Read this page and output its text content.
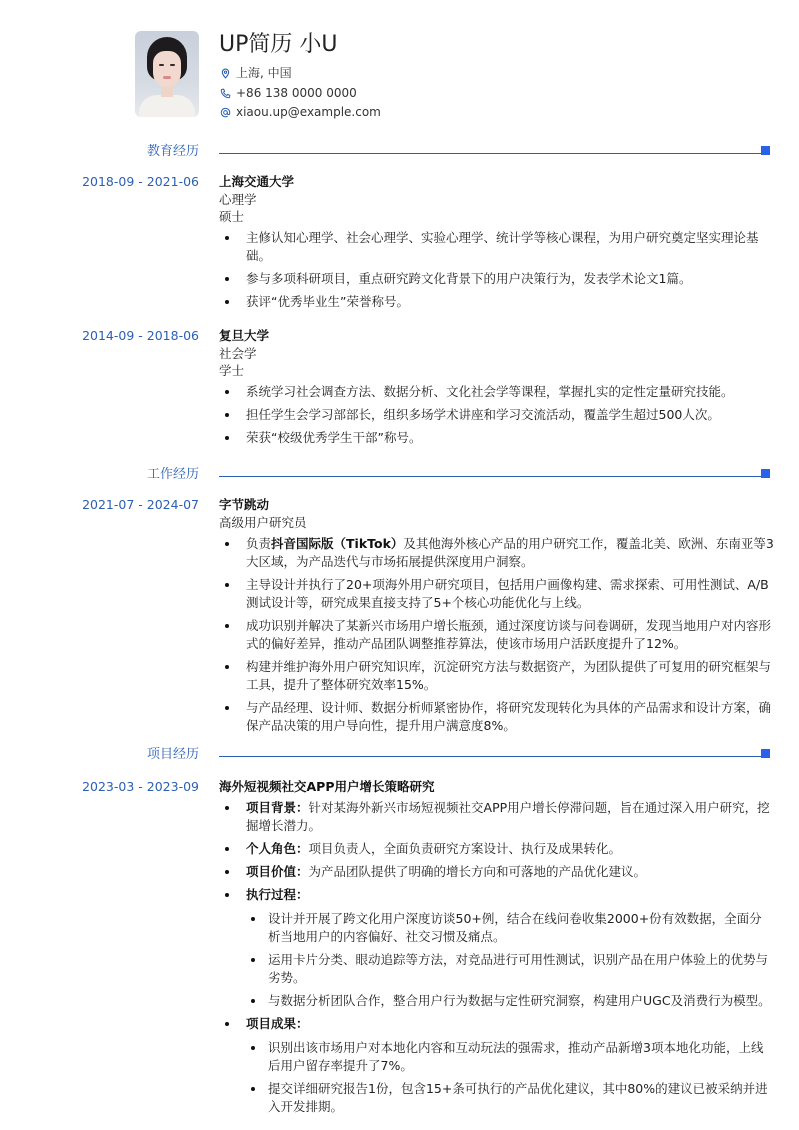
UP简历 小U
上海, 中国
+86 138 0000 0000
xiaou.up@example.com
教育经历
2018-09 - 2021-06 上海交通大学
心理学
硕士
主修认知心理学、社会心理学、实验心理学、统计学等核心课程，为用户研究奠定坚实理论基础。
参与多项科研项目，重点研究跨文化背景下的用户决策行为，发表学术论文1篇。
获评“优秀毕业生”荣誉称号。
2014-09 - 2018-06 复旦大学
社会学
学士
系统学习社会调查方法、数据分析、文化社会学等课程，掌握扎实的定性定量研究技能。
担任学生会学习部部长，组织多场学术讲座和学习交流活动，覆盖学生超过500人次。
荣获“校级优秀学生干部”称号。
工作经历
2021-07 - 2024-07 字节跳动
高级用户研究员
负责抖音国际版（TikTok）及其他海外核心产品的用户研究工作，覆盖北美、欧洲、东南亚等3大区域，为产品迭代与市场拓展提供深度用户洞察。
主导设计并执行了20+项海外用户研究项目，包括用户画像构建、需求探索、可用性测试、A/B测试设计等，研究成果直接支持了5+个核心功能优化与上线。
成功识别并解决了某新兴市场用户增长瓶颈，通过深度访谈与问卷调研，发现当地用户对内容形式的偏好差异，推动产品团队调整推荐算法，使该市场用户活跃度提升了12%。
构建并维护海外用户研究知识库，沉淀研究方法与数据资产，为团队提供了可复用的研究框架与工具，提升了整体研究效率15%。
与产品经理、设计师、数据分析师紧密协作，将研究发现转化为具体的产品需求和设计方案，确保产品决策的用户导向性，提升用户满意度8%。
项目经历
2023-03 - 2023-09 海外短视频社交APP用户增长策略研究
项目背景：针对某海外新兴市场短视频社交APP用户增长停滞问题，旨在通过深入用户研究，挖掘增长潜力。
个人角色：项目负责人，全面负责研究方案设计、执行及成果转化。
项目价值：为产品团队提供了明确的增长方向和可落地的产品优化建议。
执行过程：
设计并开展了跨文化用户深度访谈50+例，结合在线问卷收集2000+份有效数据，全面分析当地用户的内容偏好、社交习惯及痛点。
运用卡片分类、眼动追踪等方法，对竞品进行可用性测试，识别产品在用户体验上的优势与劣势。
与数据分析团队合作，整合用户行为数据与定性研究洞察，构建用户UGC及消费行为模型。
项目成果：
识别出该市场用户对本地化内容和互动玩法的强需求，推动产品新增3项本地化功能，上线后用户留存率提升了7%。
提交详细研究报告1份，包含15+条可执行的产品优化建议，其中80%的建议已被采纳并进入开发排期。
